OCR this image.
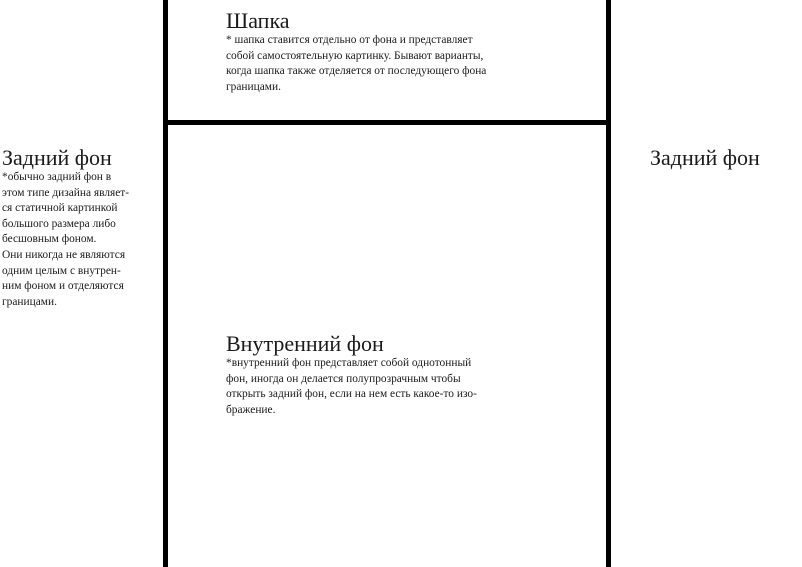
Шапка

* шапка ставится отдельно от фона и представляет
собой самостоятельную картинку. Бывают варианты,
когда шапка также отделяется от последующего фона
границами.

Задний фон

*обычно задний фон в
этом типе дизайна являет-
ся статичной картинкой
большого размера либо
бесшовным фоном.
Они никогда не являются
одним целым с внутрен-
ним фоном и отделяются
границами.

Внутренний фон

*внутренний фон представляет собой однотонный
фон, иногда он делается полупрозрачным чтобы
открыть задний фон, если на нем есть какое-то изо-
бражение.

Задний фон
